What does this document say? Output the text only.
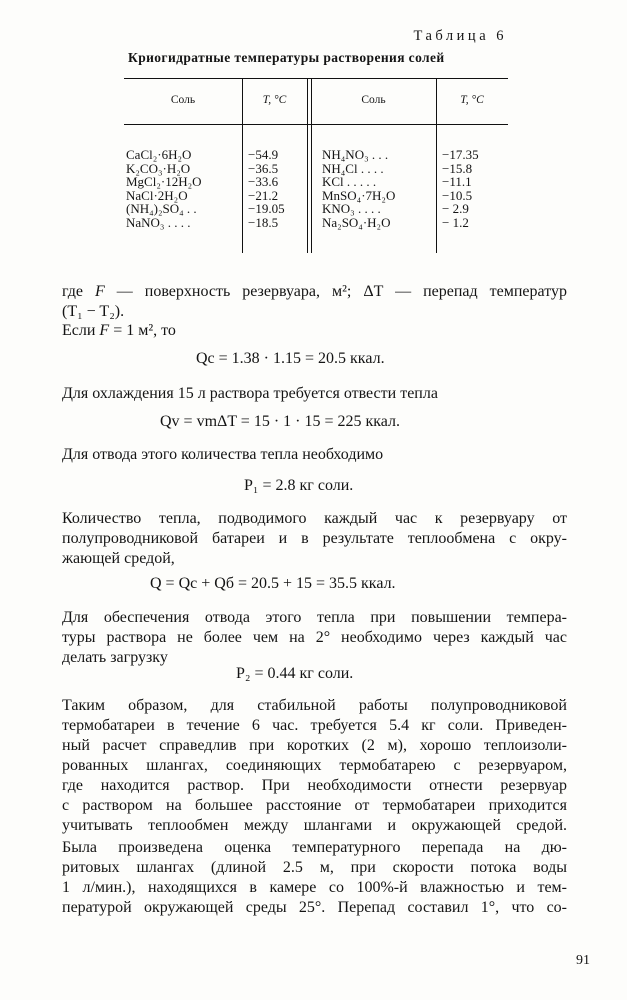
Таблица 6
Криогидратные температуры растворения солей
Соль	T, °C	Соль	T, °C
CaCl₂·6H₂O	−54.9	NH₄NO₃ . . .	−17.35
K₂CO₃·H₂O	−36.5	NH₄Cl . . . .	−15.8
MgCl₂·12H₂O	−33.6	KCl . . . . .	−11.1
NaCl·2H₂O	−21.2	MnSO₄·7H₂O	−10.5
(NH₄)₂SO₄ . .	−19.05	KNO₃ . . . .	− 2.9
NaNO₃ . . . .	−18.5	Na₂SO₄·H₂O	− 1.2
где F — поверхность резервуара, м²; ΔT — перепад температур
(T₁ − T₂).
Если F = 1 м², то
Qс = 1.38 · 1.15 = 20.5 ккал.
Для охлаждения 15 л раствора требуется отвести тепла
Qv = vmΔT = 15 · 1 · 15 = 225 ккал.
Для отвода этого количества тепла необходимо
P₁ = 2.8 кг соли.
Количество тепла, подводимого каждый час к резервуару от
полупроводниковой батареи и в результате теплообмена с окру-
жающей средой,
Q = Qс + Qб = 20.5 + 15 = 35.5 ккал.
Для обеспечения отвода этого тепла при повышении темпера-
туры раствора не более чем на 2° необходимо через каждый час
делать загрузку
P₂ = 0.44 кг соли.
Таким образом, для стабильной работы полупроводниковой
термобатареи в течение 6 час. требуется 5.4 кг соли. Приведен-
ный расчет справедлив при коротких (2 м), хорошо теплоизоли-
рованных шлангах, соединяющих термобатарею с резервуаром,
где находится раствор. При необходимости отнести резервуар
с раствором на большее расстояние от термобатареи приходится
учитывать теплообмен между шлангами и окружающей средой.
Была произведена оценка температурного перепада на дю-
ритовых шлангах (длиной 2.5 м, при скорости потока воды
1 л/мин.), находящихся в камере со 100%-й влажностью и тем-
пературой окружающей среды 25°. Перепад составил 1°, что со-
91
